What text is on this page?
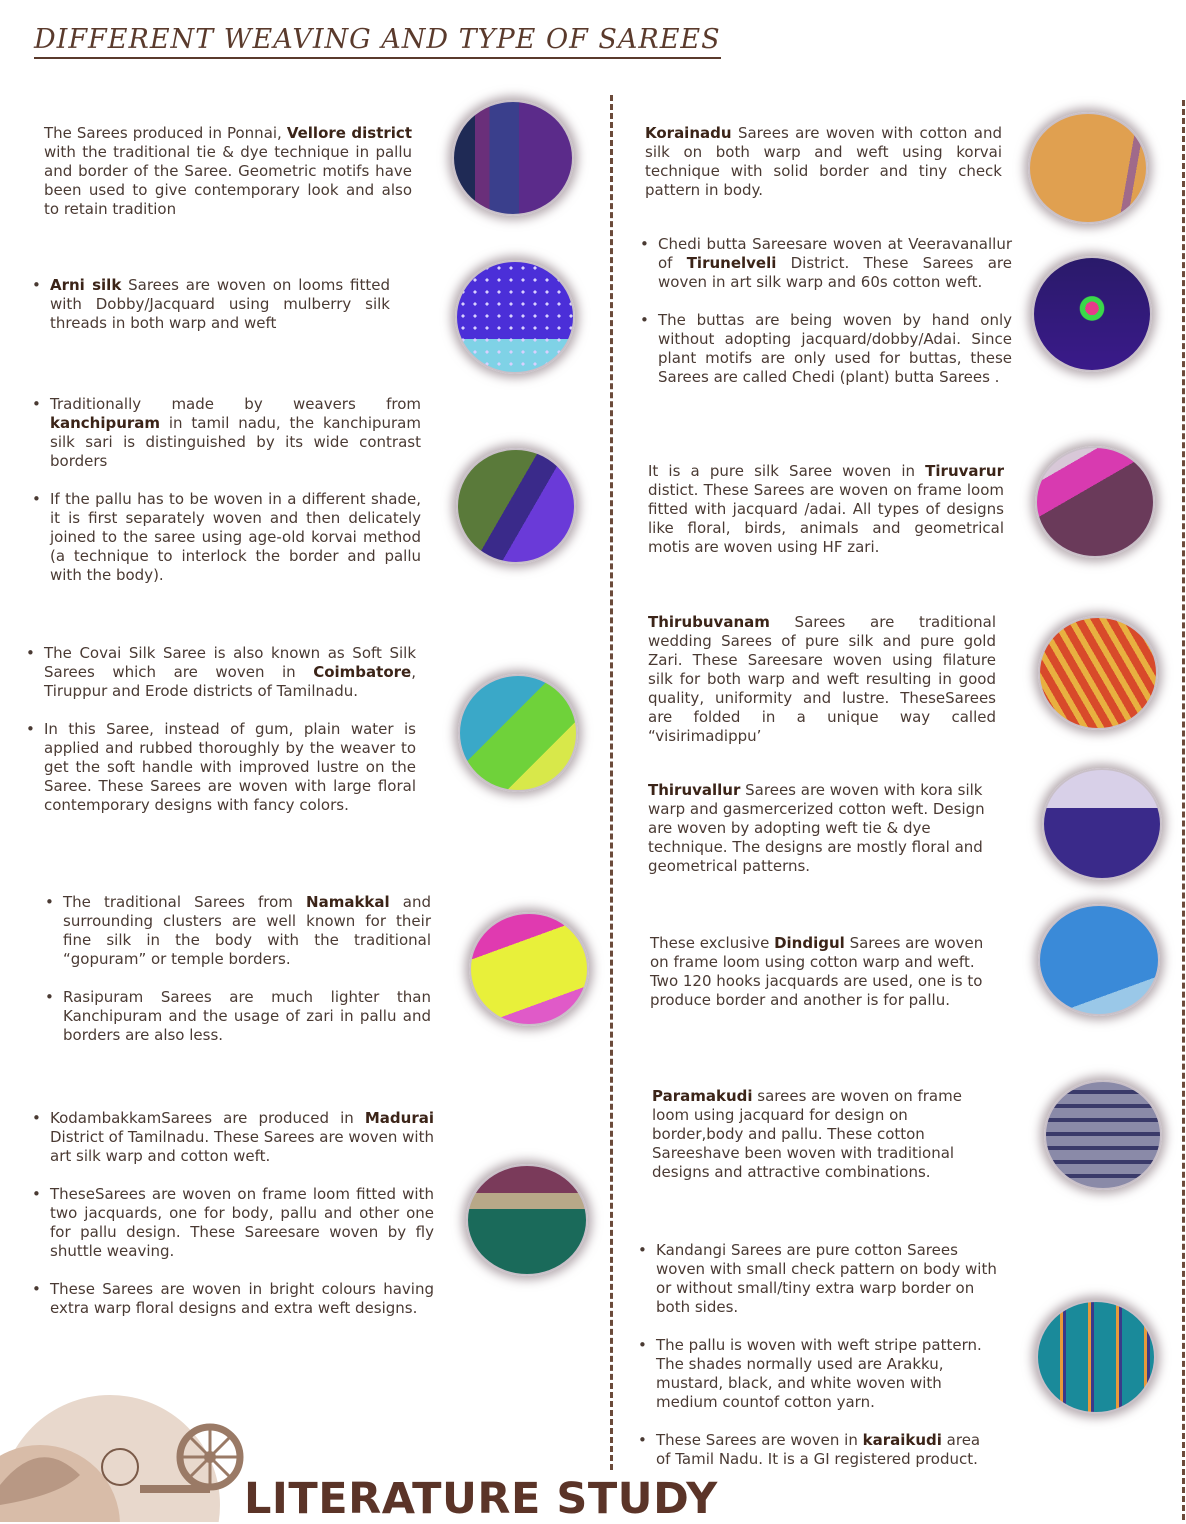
DIFFERENT WEAVING AND TYPE OF SAREES

The Sarees produced in Ponnai, Vellore district with the traditional tie & dye technique in pallu and border of the Saree. Geometric motifs have been used to give contemporary look and also to retain tradition

• Arni silk Sarees are woven on looms fitted with Dobby/Jacquard using mulberry silk threads in both warp and weft

• Traditionally made by weavers from kanchipuram in tamil nadu, the kanchipuram silk sari is distinguished by its wide contrast borders

• If the pallu has to be woven in a different shade, it is first separately woven and then delicately joined to the saree using age-old korvai method (a technique to interlock the border and pallu with the body).

• The Covai Silk Saree is also known as Soft Silk Sarees which are woven in Coimbatore, Tiruppur and Erode districts of Tamilnadu.

• In this Saree, instead of gum, plain water is applied and rubbed thoroughly by the weaver to get the soft handle with improved lustre on the Saree. These Sarees are woven with large floral contemporary designs with fancy colors.

• The traditional Sarees from Namakkal and surrounding clusters are well known for their fine silk in the body with the traditional “gopuram” or temple borders.

• Rasipuram Sarees are much lighter than Kanchipuram and the usage of zari in pallu and borders are also less.

• KodambakkamSarees are produced in Madurai District of Tamilnadu. These Sarees are woven with art silk warp and cotton weft.

• TheseSarees are woven on frame loom fitted with two jacquards, one for body, pallu and other one for pallu design. These Sareesare woven by fly shuttle weaving.

• These Sarees are woven in bright colours having extra warp floral designs and extra weft designs.

Korainadu Sarees are woven with cotton and silk on both warp and weft using korvai technique with solid border and tiny check pattern in body.

• Chedi butta Sareesare woven at Veeravanallur of Tirunelveli District. These Sarees are woven in art silk warp and 60s cotton weft.

• The buttas are being woven by hand only without adopting jacquard/dobby/Adai. Since plant motifs are only used for buttas, these Sarees are called Chedi (plant) butta Sarees .

It is a pure silk Saree woven in Tiruvarur distict. These Sarees are woven on frame loom fitted with jacquard /adai. All types of designs like floral, birds, animals and geometrical motis are woven using HF zari.

Thirubuvanam Sarees are traditional wedding Sarees of pure silk and pure gold Zari. These Sareesare woven using filature silk for both warp and weft resulting in good quality, uniformity and lustre. TheseSarees are folded in a unique way called “visirimadippu’

Thiruvallur Sarees are woven with kora silk warp and gasmercerized cotton weft. Design are woven by adopting weft tie & dye technique. The designs are mostly floral and geometrical patterns.

These exclusive Dindigul Sarees are woven on frame loom using cotton warp and weft. Two 120 hooks jacquards are used, one is to produce border and another is for pallu.

Paramakudi sarees are woven on frame loom using jacquard for design on border,body and pallu. These cotton Sareeshave been woven with traditional designs and attractive combinations.

• Kandangi Sarees are pure cotton Sarees woven with small check pattern on body with or without small/tiny extra warp border on both sides.

• The pallu is woven with weft stripe pattern. The shades normally used are Arakku, mustard, black, and white woven with medium countof cotton yarn.

• These Sarees are woven in karaikudi area of Tamil Nadu. It is a GI registered product.

LITERATURE STUDY
